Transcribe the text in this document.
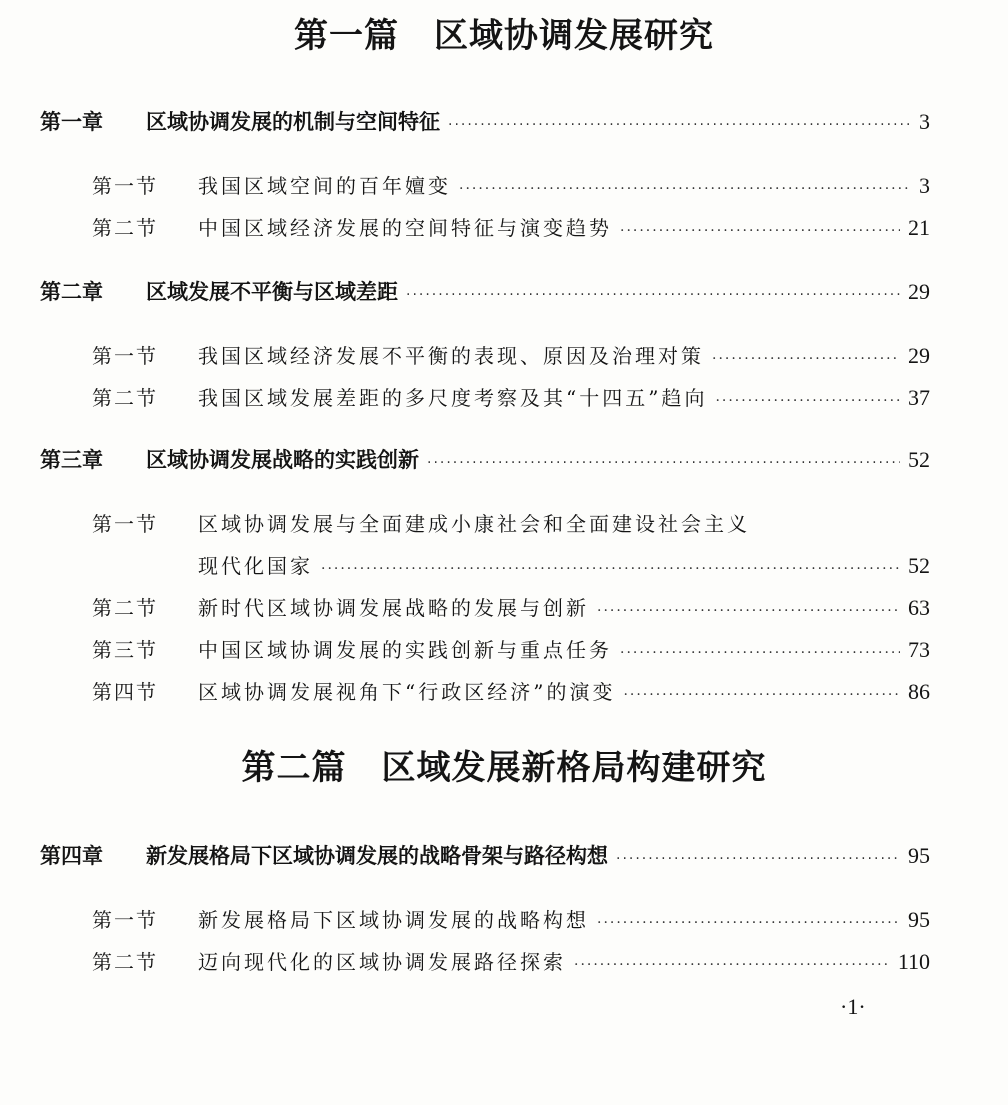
第一篇　区域协调发展研究
第一章	区域协调发展的机制与空间特征 ·····	3
第一节	我国区域空间的百年嬗变 ·····	3
第二节	中国区域经济发展的空间特征与演变趋势 ·····	21
第二章	区域发展不平衡与区域差距 ·····	29
第一节	我国区域经济发展不平衡的表现、原因及治理对策 ·····	29
第二节	我国区域发展差距的多尺度考察及其“十四五”趋向 ·····	37
第三章	区域协调发展战略的实践创新 ·····	52
第一节	区域协调发展与全面建成小康社会和全面建设社会主义
现代化国家 ·····	52
第二节	新时代区域协调发展战略的发展与创新 ·····	63
第三节	中国区域协调发展的实践创新与重点任务 ·····	73
第四节	区域协调发展视角下“行政区经济”的演变 ·····	86
第二篇　区域发展新格局构建研究
第四章	新发展格局下区域协调发展的战略骨架与路径构想 ·····	95
第一节	新发展格局下区域协调发展的战略构想 ·····	95
第二节	迈向现代化的区域协调发展路径探索 ·····	110
·1·
